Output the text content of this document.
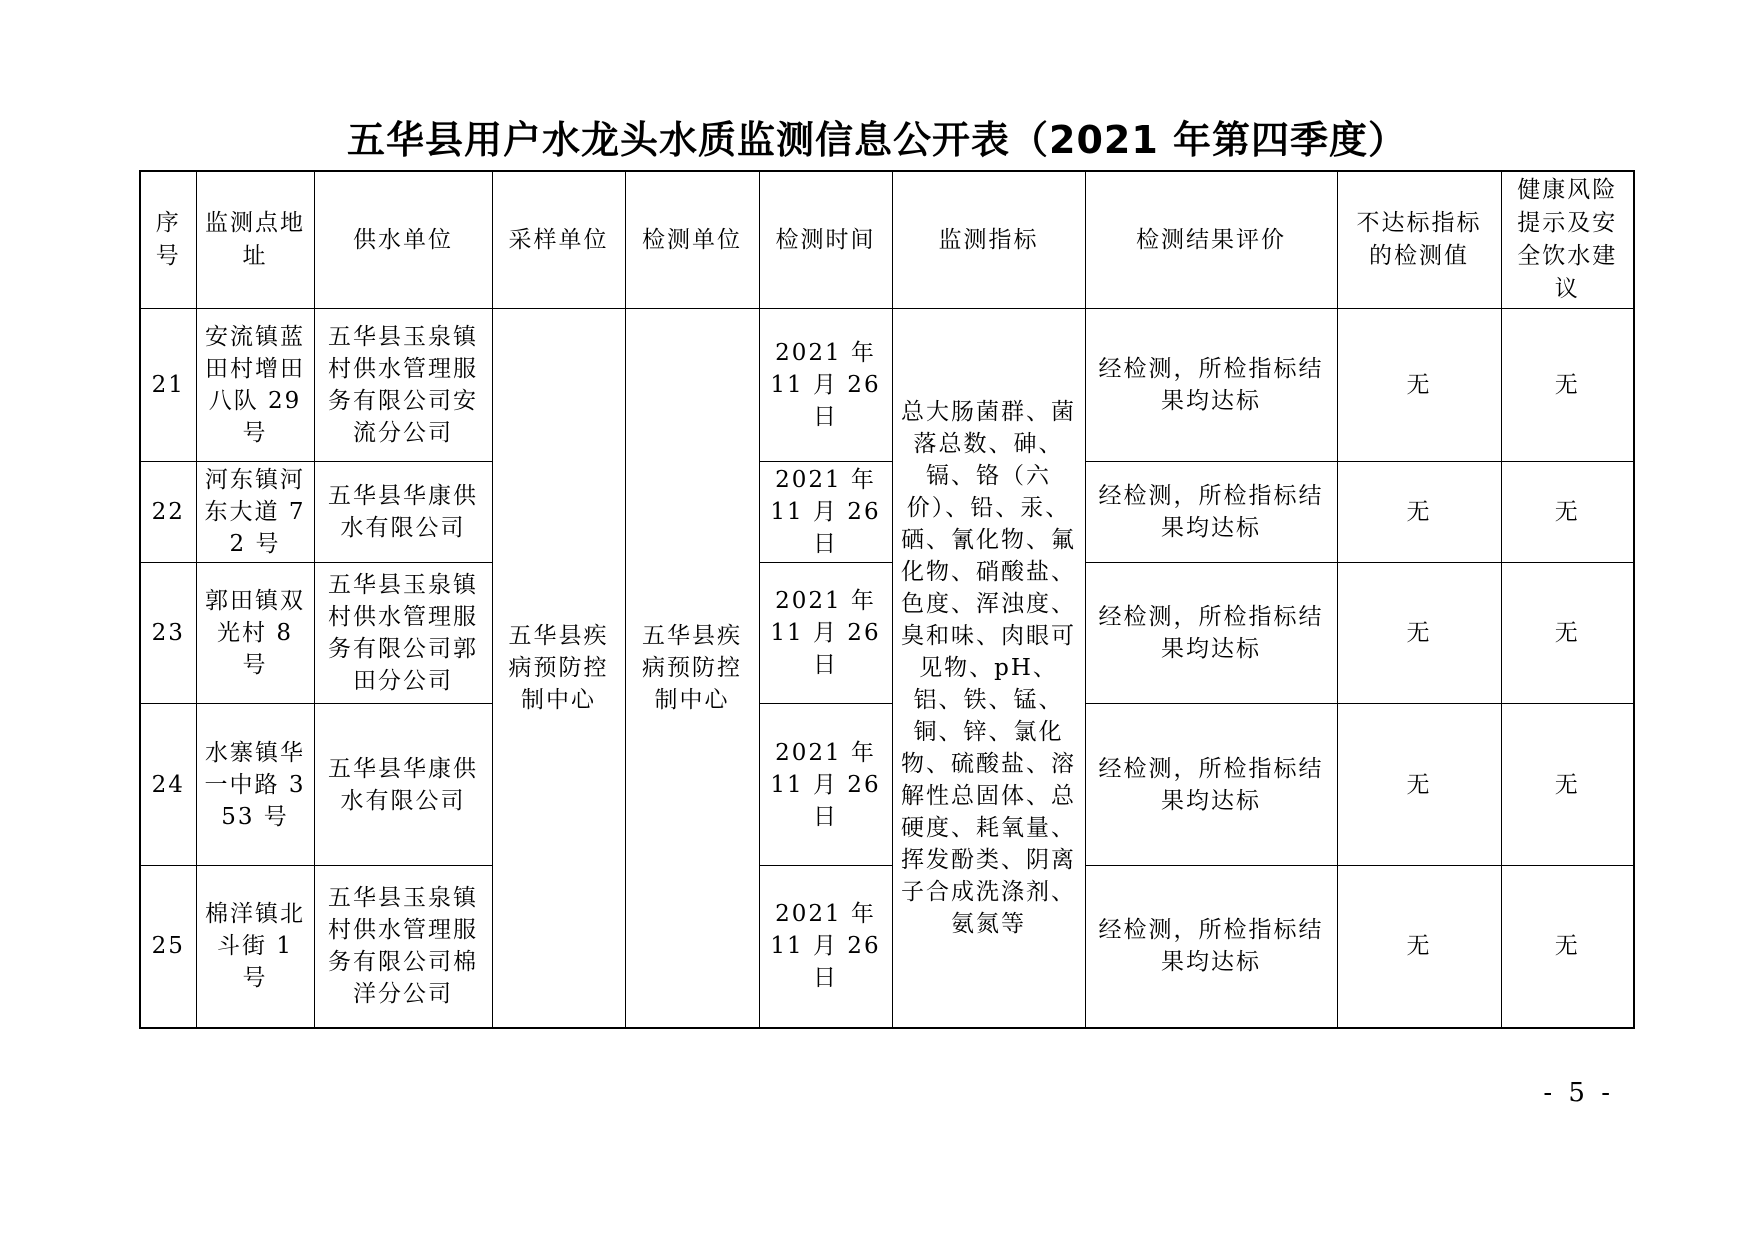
五华县用户水龙头水质监测信息公开表（2021 年第四季度）
序号	监测点地址	供水单位	采样单位	检测单位	检测时间	监测指标	检测结果评价	不达标指标的检测值	健康风险提示及安全饮水建议
21	安流镇蓝田村增田八队 29 号	五华县玉泉镇村供水管理服务有限公司安流分公司	五华县疾病预防控制中心	五华县疾病预防控制中心	2021 年 11 月 26 日	总大肠菌群、菌落总数、砷、镉、铬（六价）、铅、汞、硒、氰化物、氟化物、硝酸盐、色度、浑浊度、臭和味、肉眼可见物、pH、铝、铁、锰、铜、锌、氯化物、硫酸盐、溶解性总固体、总硬度、耗氧量、挥发酚类、阴离子合成洗涤剂、氨氮等	经检测，所检指标结果均达标	无	无
22	河东镇河东大道 72 号	五华县华康供水有限公司			2021 年 11 月 26 日		经检测，所检指标结果均达标	无	无
23	郭田镇双光村 8 号	五华县玉泉镇村供水管理服务有限公司郭田分公司			2021 年 11 月 26 日		经检测，所检指标结果均达标	无	无
24	水寨镇华一中路 353 号	五华县华康供水有限公司			2021 年 11 月 26 日		经检测，所检指标结果均达标	无	无
25	棉洋镇北斗街 1 号	五华县玉泉镇村供水管理服务有限公司棉洋分公司			2021 年 11 月 26 日		经检测，所检指标结果均达标	无	无
- 5 -
